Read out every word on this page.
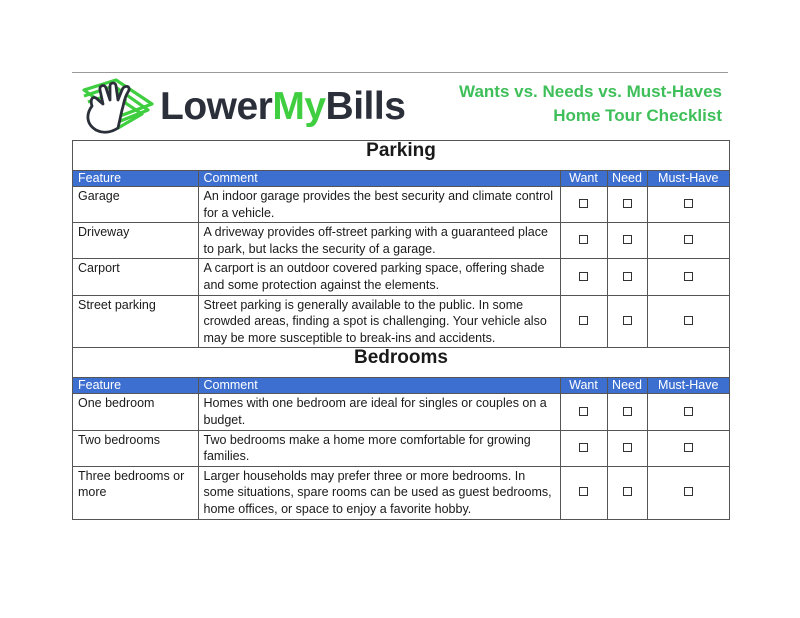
LowerMyBills	Wants vs. Needs vs. Must-Haves
Home Tour Checklist
Parking				
Feature	Comment	Want	Need	Must-Have
Garage	An indoor garage provides the best security and climate control for a vehicle.			
Driveway	A driveway provides off-street parking with a guaranteed place to park, but lacks the security of a garage.			
Carport	A carport is an outdoor covered parking space, offering shade and some protection against the elements.			
Street parking	Street parking is generally available to the public. In some crowded areas, finding a spot is challenging. Your vehicle also may be more susceptible to break-ins and accidents.			
Bedrooms				
Feature	Comment	Want	Need	Must-Have
One bedroom	Homes with one bedroom are ideal for singles or couples on a budget.			
Two bedrooms	Two bedrooms make a home more comfortable for growing families.			
Three bedrooms or more	Larger households may prefer three or more bedrooms. In some situations, spare rooms can be used as guest bedrooms, home offices, or space to enjoy a favorite hobby.			
